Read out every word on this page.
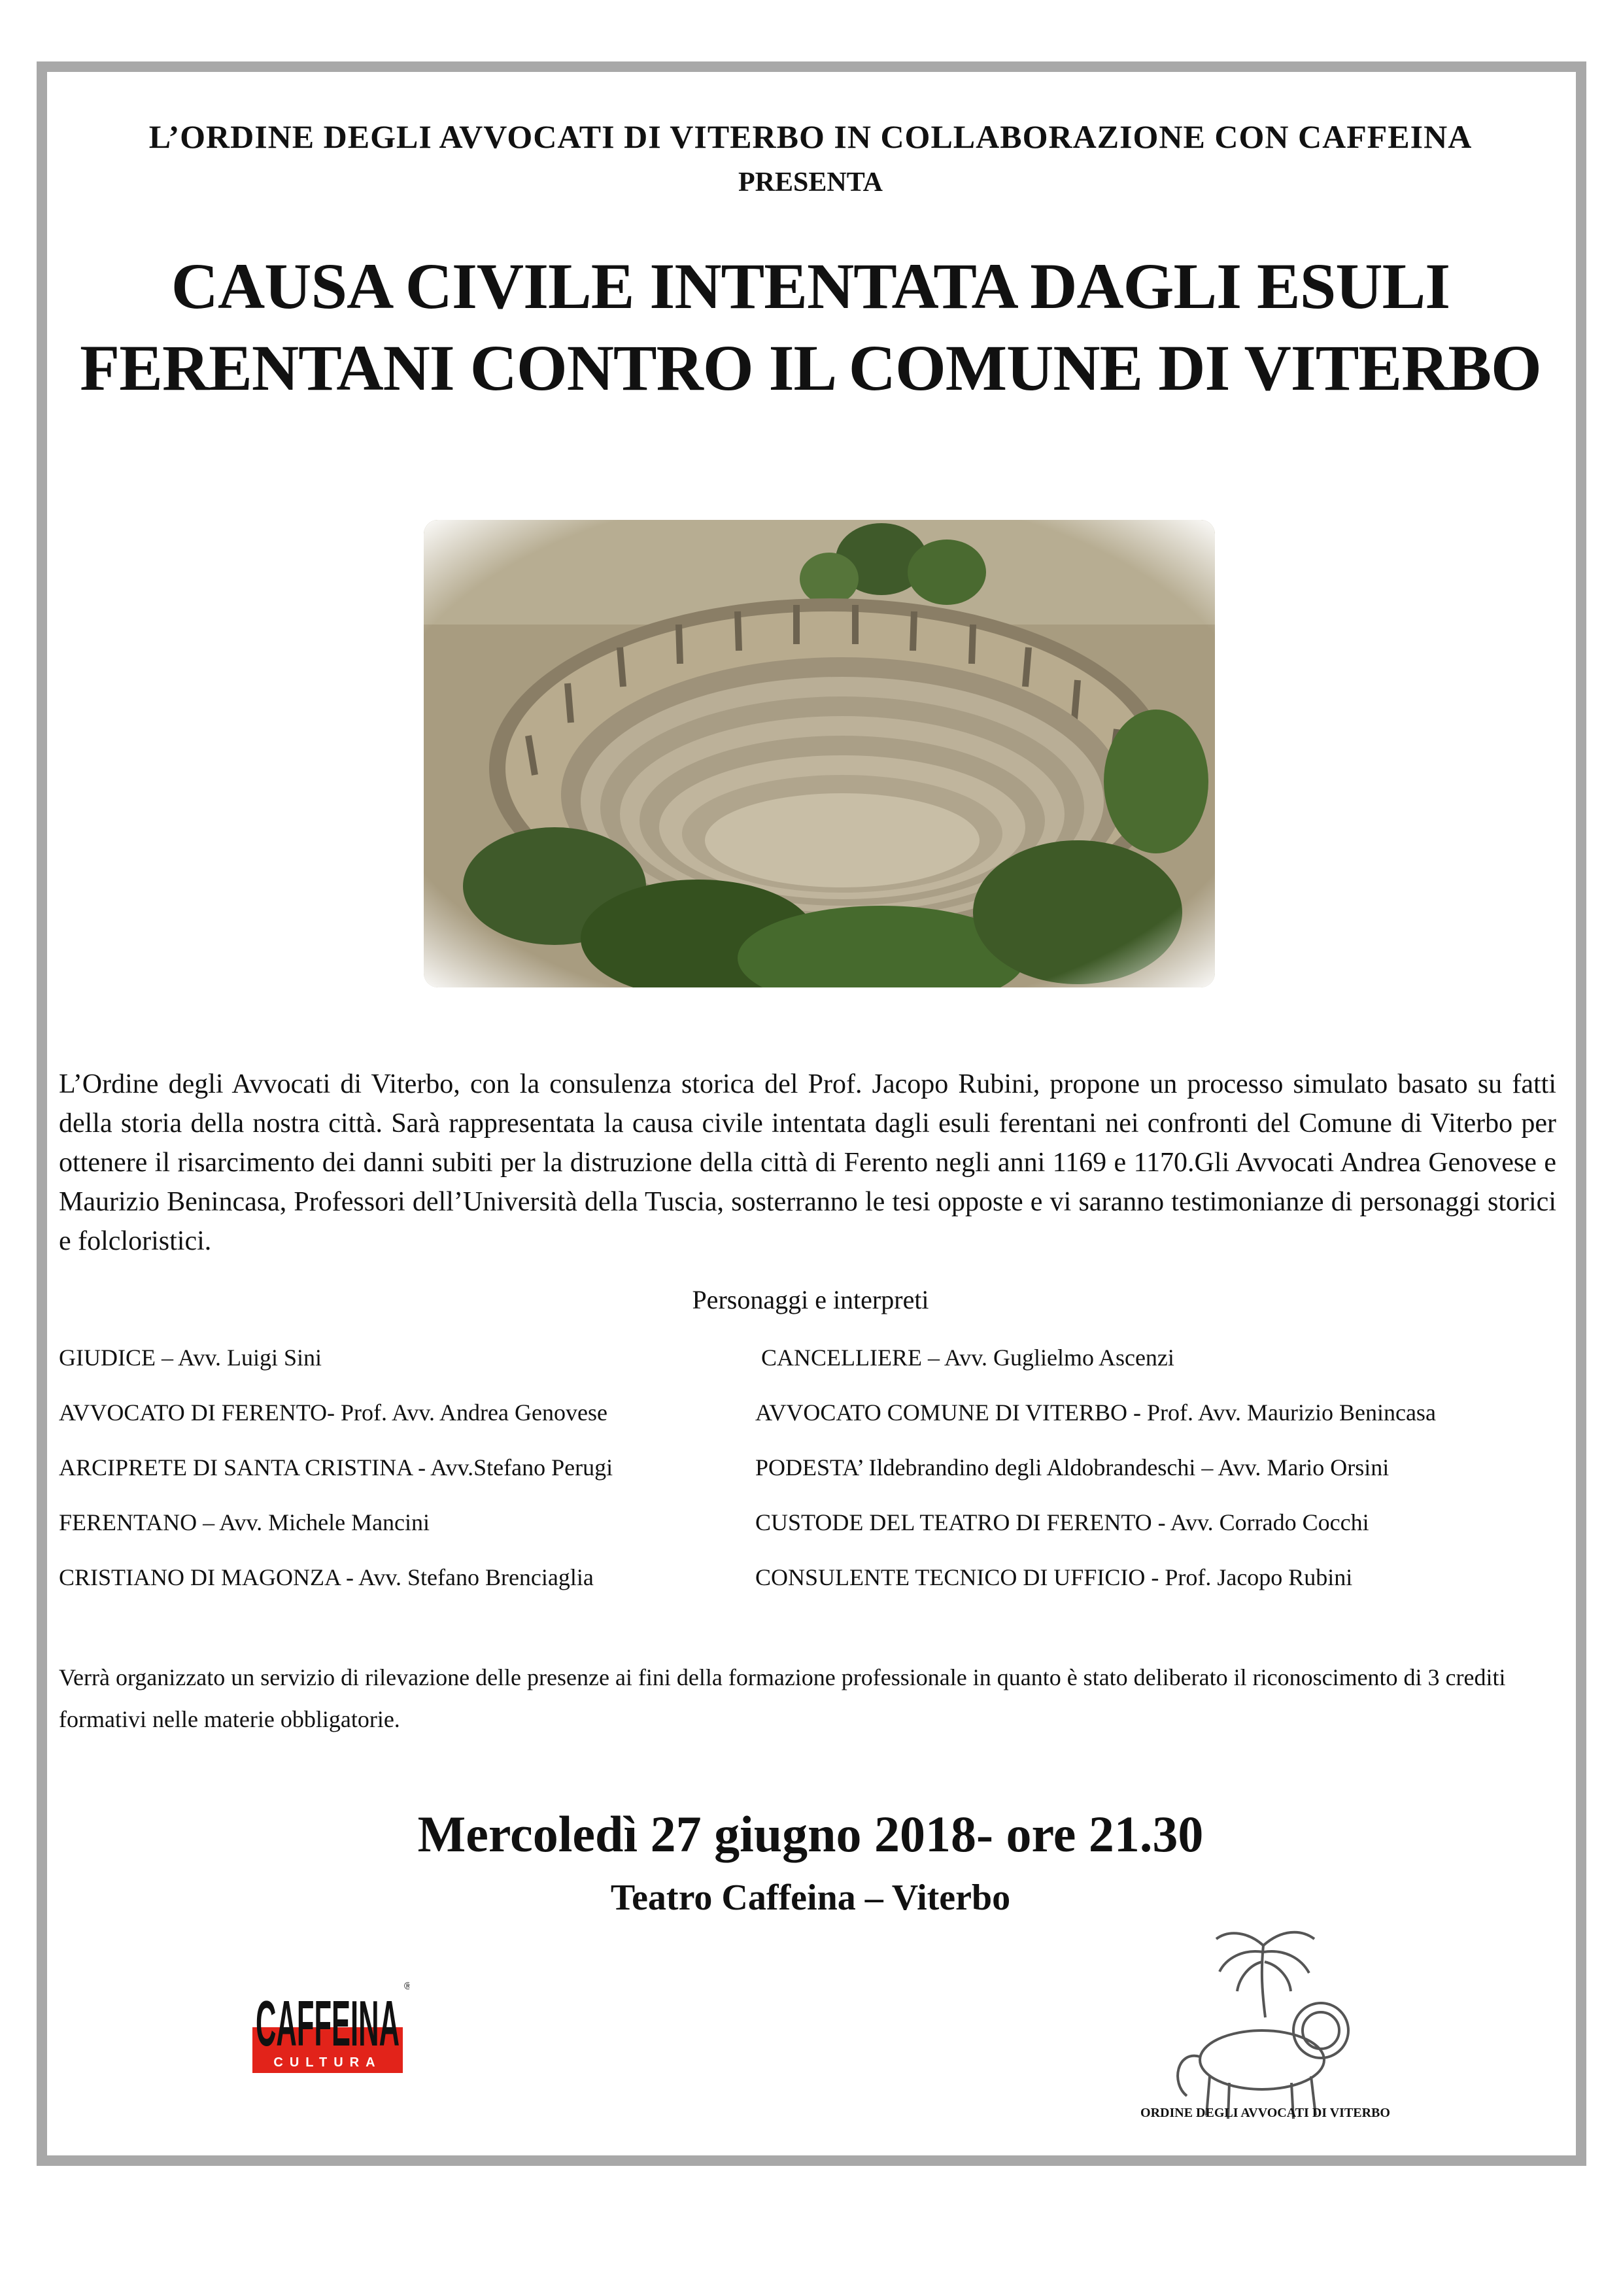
L’ORDINE DEGLI AVVOCATI DI VITERBO IN COLLABORAZIONE CON CAFFEINA
PRESENTA
CAUSA CIVILE INTENTATA DAGLI ESULI
FERENTANI CONTRO IL COMUNE DI VITERBO
L’Ordine degli Avvocati di Viterbo, con la consulenza storica del Prof. Jacopo Rubini, propone un processo simulato basato su fatti della storia della nostra città. Sarà rappresentata la causa civile intentata dagli esuli ferentani nei confronti del Comune di Viterbo per ottenere il risarcimento dei danni subiti per la distruzione della città di Ferento negli anni 1169 e 1170.Gli Avvocati Andrea Genovese e Maurizio Benincasa, Professori dell’Università della Tuscia, sosterranno le tesi opposte e vi saranno testimonianze di personaggi storici e folcloristici.
Personaggi e interpreti
GIUDICE – Avv. Luigi Sini	CANCELLIERE – Avv. Guglielmo Ascenzi
AVVOCATO DI FERENTO- Prof. Avv. Andrea Genovese	AVVOCATO COMUNE DI VITERBO - Prof. Avv. Maurizio Benincasa
ARCIPRETE DI SANTA CRISTINA - Avv.Stefano Perugi	PODESTA’ Ildebrandino degli Aldobrandeschi – Avv. Mario Orsini
FERENTANO – Avv. Michele Mancini	CUSTODE DEL TEATRO DI FERENTO - Avv. Corrado Cocchi
CRISTIANO DI MAGONZA - Avv. Stefano Brenciaglia	CONSULENTE TECNICO DI UFFICIO - Prof. Jacopo Rubini
Verrà organizzato un servizio di rilevazione delle presenze ai fini della formazione professionale in quanto è stato deliberato il riconoscimento di 3 crediti formativi nelle materie obbligatorie.
Mercoledì 27 giugno 2018- ore 21.30
Teatro Caffeina – Viterbo
CAFFEINA
®
CULTURA
ORDINE DEGLI AVVOCATI DI VITERBO
